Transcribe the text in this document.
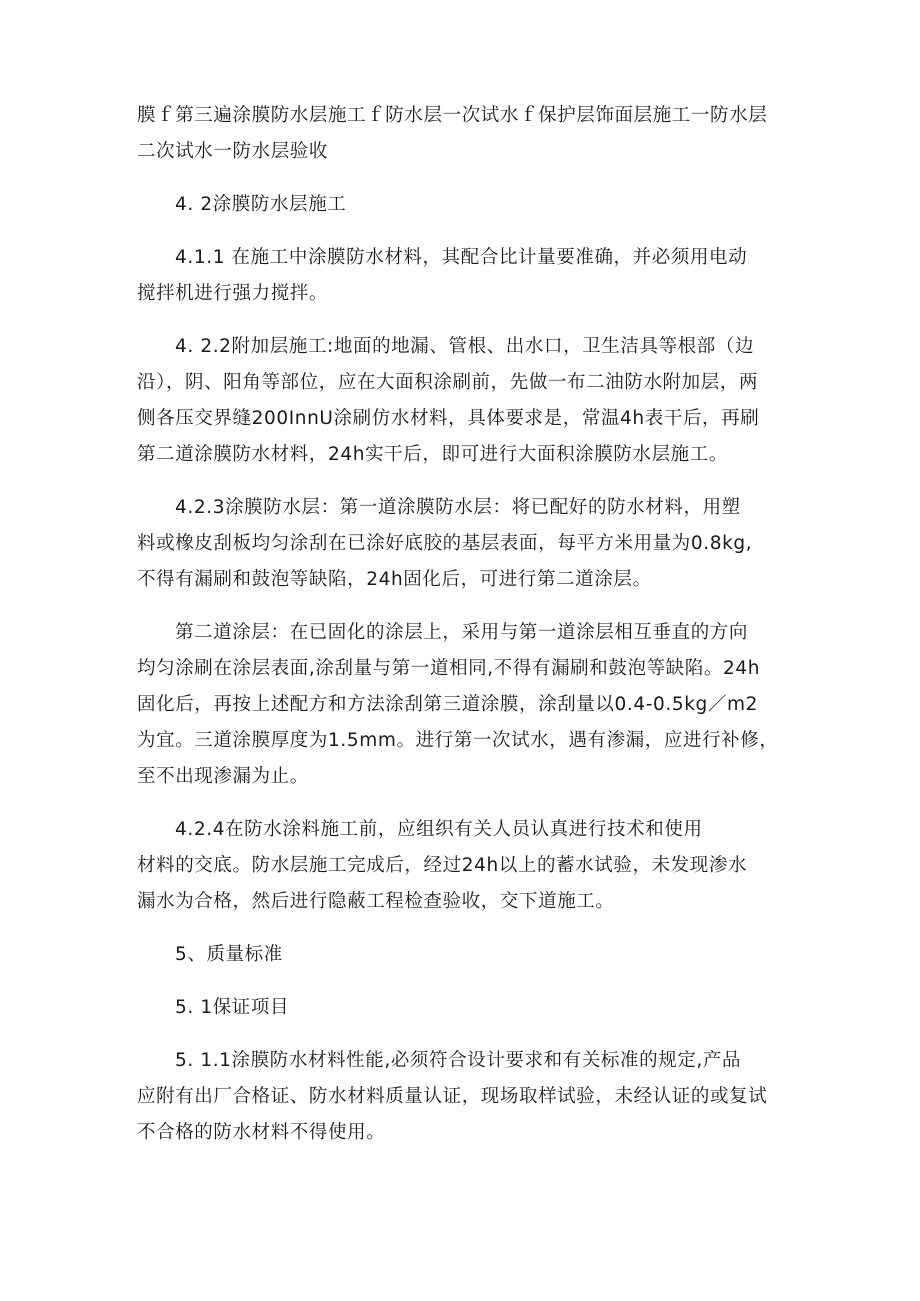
膜ｆ第三遍涂膜防水层施工ｆ防水层一次试水ｆ保护层饰面层施工一防水层
二次试水一防水层验收

4. 2涂膜防水层施工

4.1.1 在施工中涂膜防水材料，其配合比计量要准确，并必须用电动
搅拌机进行强力搅拌。

4. 2.2附加层施工:地面的地漏、管根、出水口，卫生洁具等根部（边
沿），阴、阳角等部位，应在大面积涂刷前，先做一布二油防水附加层，两
侧各压交界缝200InnU涂刷仿水材料，具体要求是，常温4h表干后，再刷
第二道涂膜防水材料，24h实干后，即可进行大面积涂膜防水层施工。

4.2.3涂膜防水层：第一道涂膜防水层：将已配好的防水材料，用塑
料或橡皮刮板均匀涂刮在已涂好底胶的基层表面，每平方米用量为0.8kg,
不得有漏刷和鼓泡等缺陷，24h固化后，可进行第二道涂层。

第二道涂层：在已固化的涂层上，采用与第一道涂层相互垂直的方向
均匀涂刷在涂层表面,涂刮量与第一道相同,不得有漏刷和鼓泡等缺陷。24h
固化后，再按上述配方和方法涂刮第三道涂膜，涂刮量以0.4-0.5kg／m2
为宜。三道涂膜厚度为1.5mm。进行第一次试水，遇有渗漏，应进行补修，
至不出现渗漏为止。

4.2.4在防水涂料施工前，应组织有关人员认真进行技术和使用
材料的交底。防水层施工完成后，经过24h以上的蓄水试验，未发现渗水
漏水为合格，然后进行隐蔽工程检查验收，交下道施工。

5、质量标准

5. 1保证项目

5. 1.1涂膜防水材料性能,必须符合设计要求和有关标准的规定,产品
应附有出厂合格证、防水材料质量认证，现场取样试验，未经认证的或复试
不合格的防水材料不得使用。
